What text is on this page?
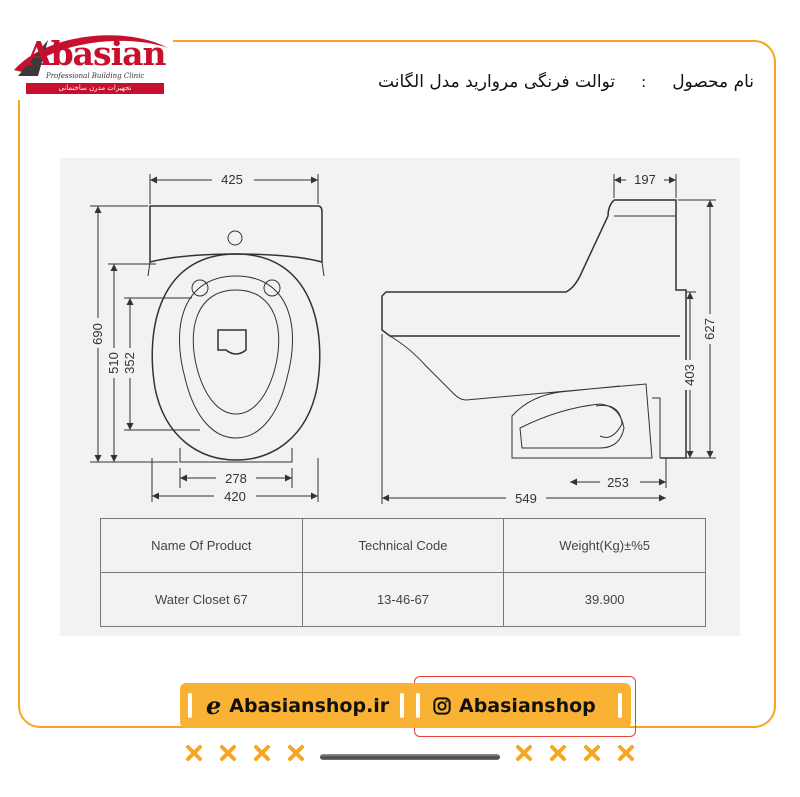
Abasian
Professional Building Clinic
تجهیزات مدرن ساختمانی	نام محصول
:
توالت فرنگی مروارید مدل الگانت
425
690
510 352
278
420
197
627
403
253
549
Name Of Product	Technical Code	Weight(Kg)±%5
Water Closet 67	13-46-67	39.900
e Abasianshop.ir	Abasianshop
